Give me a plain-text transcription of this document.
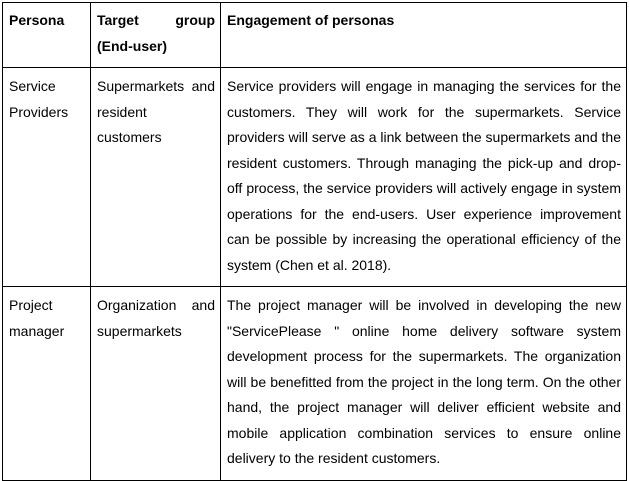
Persona	Target group (End-user)	Engagement of personas
Service Providers	Supermarkets and resident customers	Service providers will engage in managing the services for the customers. They will work for the supermarkets. Service providers will serve as a link between the supermarkets and the resident customers. Through managing the pick-up and drop-off process, the service providers will actively engage in system operations for the end-users. User experience improvement can be possible by increasing the operational efficiency of the system (Chen et al. 2018).
Project manager	Organization and supermarkets	The project manager will be involved in developing the new "ServicePlease " online home delivery software system development process for the supermarkets. The organization will be benefitted from the project in the long term. On the other hand, the project manager will deliver efficient website and mobile application combination services to ensure online delivery to the resident customers.
